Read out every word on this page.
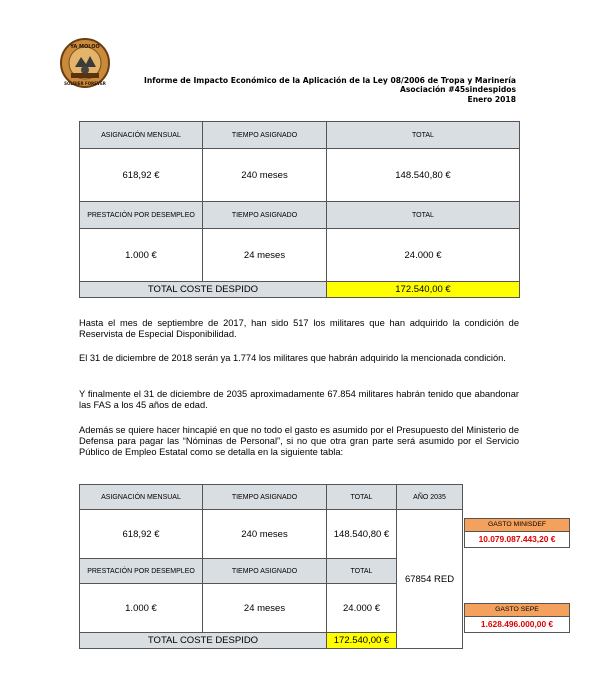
YA MOLOO
SOLDIER FOREVER	Informe de Impacto Económico de la Aplicación de la Ley 08/2006 de Tropa y Marinería
Asociación #45sindespidos
Enero 2018
ASIGNACIÓN MENSUAL	TIEMPO ASIGNADO	TOTAL
618,92 €	240 meses	148.540,80 €
PRESTACIÓN POR DESEMPLEO	TIEMPO ASIGNADO	TOTAL
1.000 €	24 meses	24.000 €
TOTAL COSTE DESPIDO		172.540,00 €

Hasta el mes de septiembre de 2017, han sido 517 los militares que han adquirido la condición de Reservista de Especial Disponibilidad.

El 31 de diciembre de 2018 serán ya 1.774 los militares que habrán adquirido la mencionada condición.

Y finalmente el 31 de diciembre de 2035 aproximadamente 67.854 militares habrán tenido que abandonar las FAS a los 45 años de edad.

Además se quiere hacer hincapié en que no todo el gasto es asumido por el Presupuesto del Ministerio de Defensa para pagar las “Nóminas de Personal”, si no que otra gran parte será asumido por el Servicio Público de Empleo Estatal como se detalla en la siguiente tabla:

ASIGNACIÓN MENSUAL	TIEMPO ASIGNADO	TOTAL	AÑO 2035
618,92 €	240 meses	148.540,80 €	67854 RED
PRESTACIÓN POR DESEMPLEO	TIEMPO ASIGNADO	TOTAL	
1.000 €	24 meses	24.000 €	
TOTAL COSTE DESPIDO		172.540,00 €	
GASTO MINISDEF
10.079.087.443,20 €
GASTO SEPE
1.628.496.000,00 €
